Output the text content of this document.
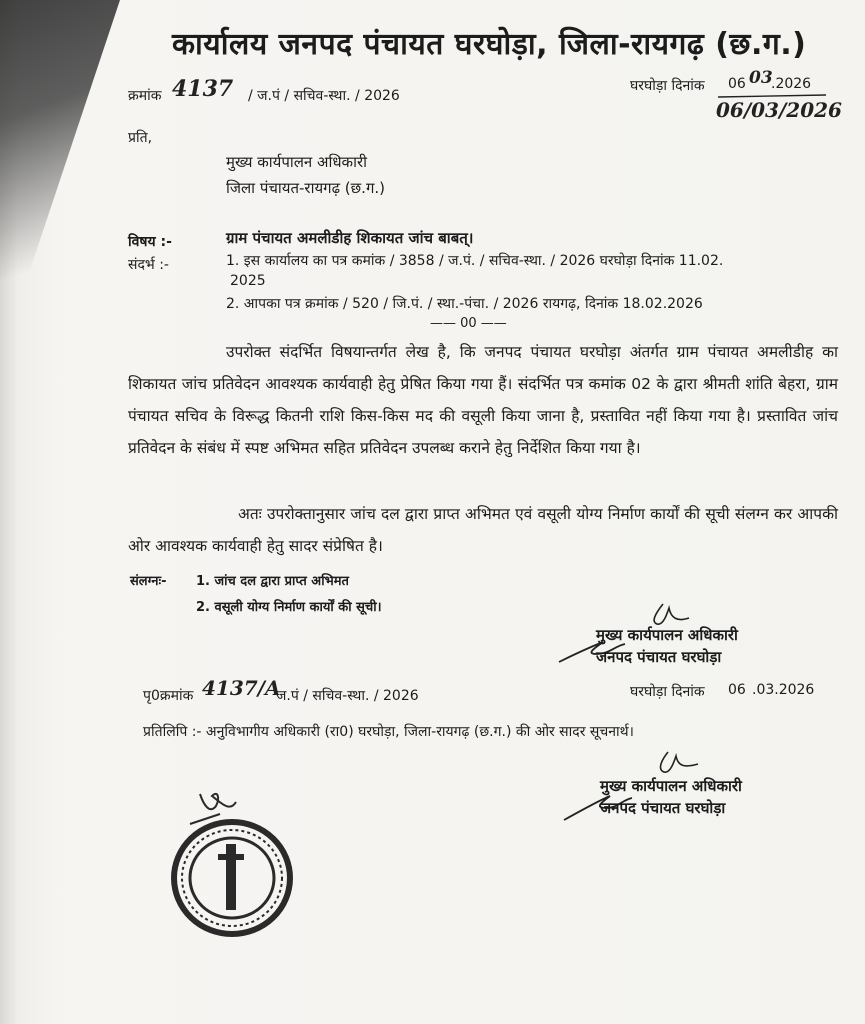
कार्यालय जनपद पंचायत घरघोड़ा, जिला-रायगढ़ (छ.ग.)
क्रमांक 4137 / ज.पं / सचिव-स्था. / 2026
घरघोड़ा दिनांक 06 03
.2026
06/03/2026
प्रति,
मुख्य कार्यपालन अधिकारी
जिला पंचायत-रायगढ़ (छ.ग.)
विषय :-	ग्राम पंचायत अमलीडीह शिकायत जांच बाबत्।
संदर्भ :-	1. इस कार्यालय का पत्र कमांक / 3858 / ज.पं. / सचिव-स्था. / 2026 घरघोड़ा दिनांक 11.02.
2025
2. आपका पत्र क्रमांक / 520 / जि.पं. / स्था.-पंचा. / 2026 रायगढ़, दिनांक 18.02.2026
—— 00 ——
उपरोक्त संदर्भित विषयान्तर्गत लेख है, कि जनपद पंचायत घरघोड़ा अंतर्गत ग्राम पंचायत अमलीडीह का शिकायत जांच प्रतिवेदन आवश्यक कार्यवाही हेतु प्रेषित किया गया हैं। संदर्भित पत्र कमांक 02 के द्वारा श्रीमती शांति बेहरा, ग्राम पंचायत सचिव के विरूद्ध कितनी राशि किस-किस मद की वसूली किया जाना है, प्रस्तावित नहीं किया गया है। प्रस्तावित जांच प्रतिवेदन के संबंध में स्पष्ट अभिमत सहित प्रतिवेदन उपलब्ध कराने हेतु निर्देशित किया गया है।
अतः उपरोक्तानुसार जांच दल द्वारा प्राप्त अभिमत एवं वसूली योग्य निर्माण कार्यों की सूची संलग्न कर आपकी ओर आवश्यक कार्यवाही हेतु सादर संप्रेषित है।
संलग्नः- 1. जांच दल द्वारा प्राप्त अभिमत
2. वसूली योग्य निर्माण कार्यों की सूची।
मुख्य कार्यपालन अधिकारी
जनपद पंचायत घरघोड़ा
पृ0क्रमांक 4137/A
ज.पं / सचिव-स्था. / 2026	घरघोड़ा दिनांक 06 .03.2026
प्रतिलिपि :- अनुविभागीय अधिकारी (रा0) घरघोड़ा, जिला-रायगढ़ (छ.ग.) की ओर सादर सूचनार्थ।
मुख्य कार्यपालन अधिकारी
जनपद पंचायत घरघोड़ा
